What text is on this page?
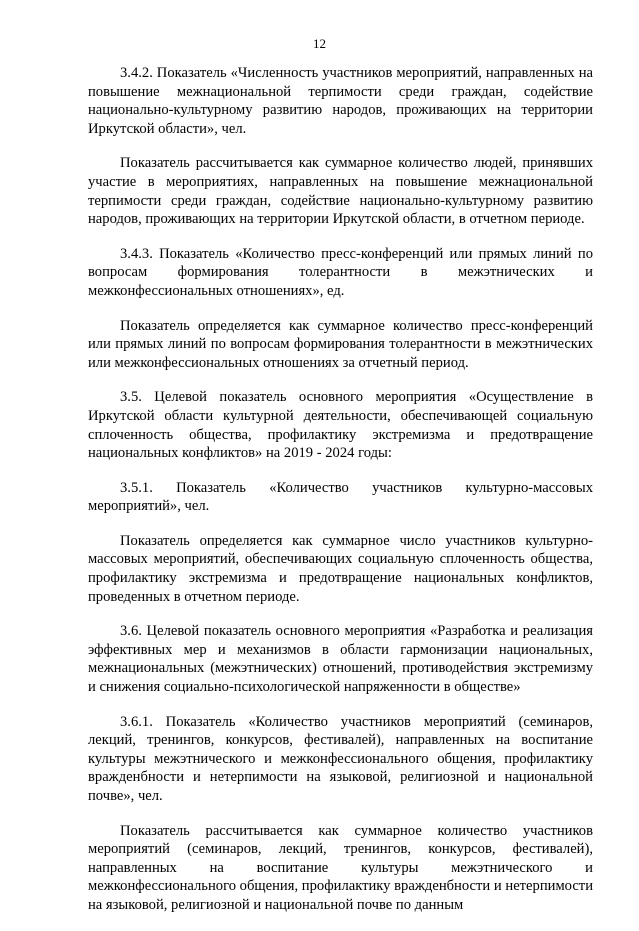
12

3.4.2. Показатель «Численность участников мероприятий, направленных на повышение межнациональной терпимости среди граждан, содействие национально-культурному развитию народов, проживающих на территории Иркутской области», чел.

Показатель рассчитывается как суммарное количество людей, принявших участие в мероприятиях, направленных на повышение межнациональной терпимости среди граждан, содействие национально-культурному развитию народов, проживающих на территории Иркутской области, в отчетном периоде.

3.4.3. Показатель «Количество пресс-конференций или прямых линий по вопросам формирования толерантности в межэтнических и межконфессиональных отношениях», ед.

Показатель определяется как суммарное количество пресс-конференций или прямых линий по вопросам формирования толерантности в межэтнических или межконфессиональных отношениях за отчетный период.

3.5. Целевой показатель основного мероприятия «Осуществление в Иркутской области культурной деятельности, обеспечивающей социальную сплоченность общества, профилактику экстремизма и предотвращение национальных конфликтов» на 2019 - 2024 годы:

3.5.1. Показатель «Количество участников культурно-массовых мероприятий», чел.

Показатель определяется как суммарное число участников культурно-массовых мероприятий, обеспечивающих социальную сплоченность общества, профилактику экстремизма и предотвращение национальных конфликтов, проведенных в отчетном периоде.

3.6. Целевой показатель основного мероприятия «Разработка и реализация эффективных мер и механизмов в области гармонизации национальных, межнациональных (межэтнических) отношений, противодействия экстремизму и снижения социально-психологической напряженности в обществе»

3.6.1. Показатель «Количество участников мероприятий (семинаров, лекций, тренингов, конкурсов, фестивалей), направленных на воспитание культуры межэтнического и межконфессионального общения, профилактику вражденбности и нетерпимости на языковой, религиозной и национальной почве», чел.

Показатель рассчитывается как суммарное количество участников мероприятий (семинаров, лекций, тренингов, конкурсов, фестивалей), направленных на воспитание культуры межэтнического и межконфессионального общения, профилактику вражденбности и нетерпимости на языковой, религиозной и национальной почве по данным
